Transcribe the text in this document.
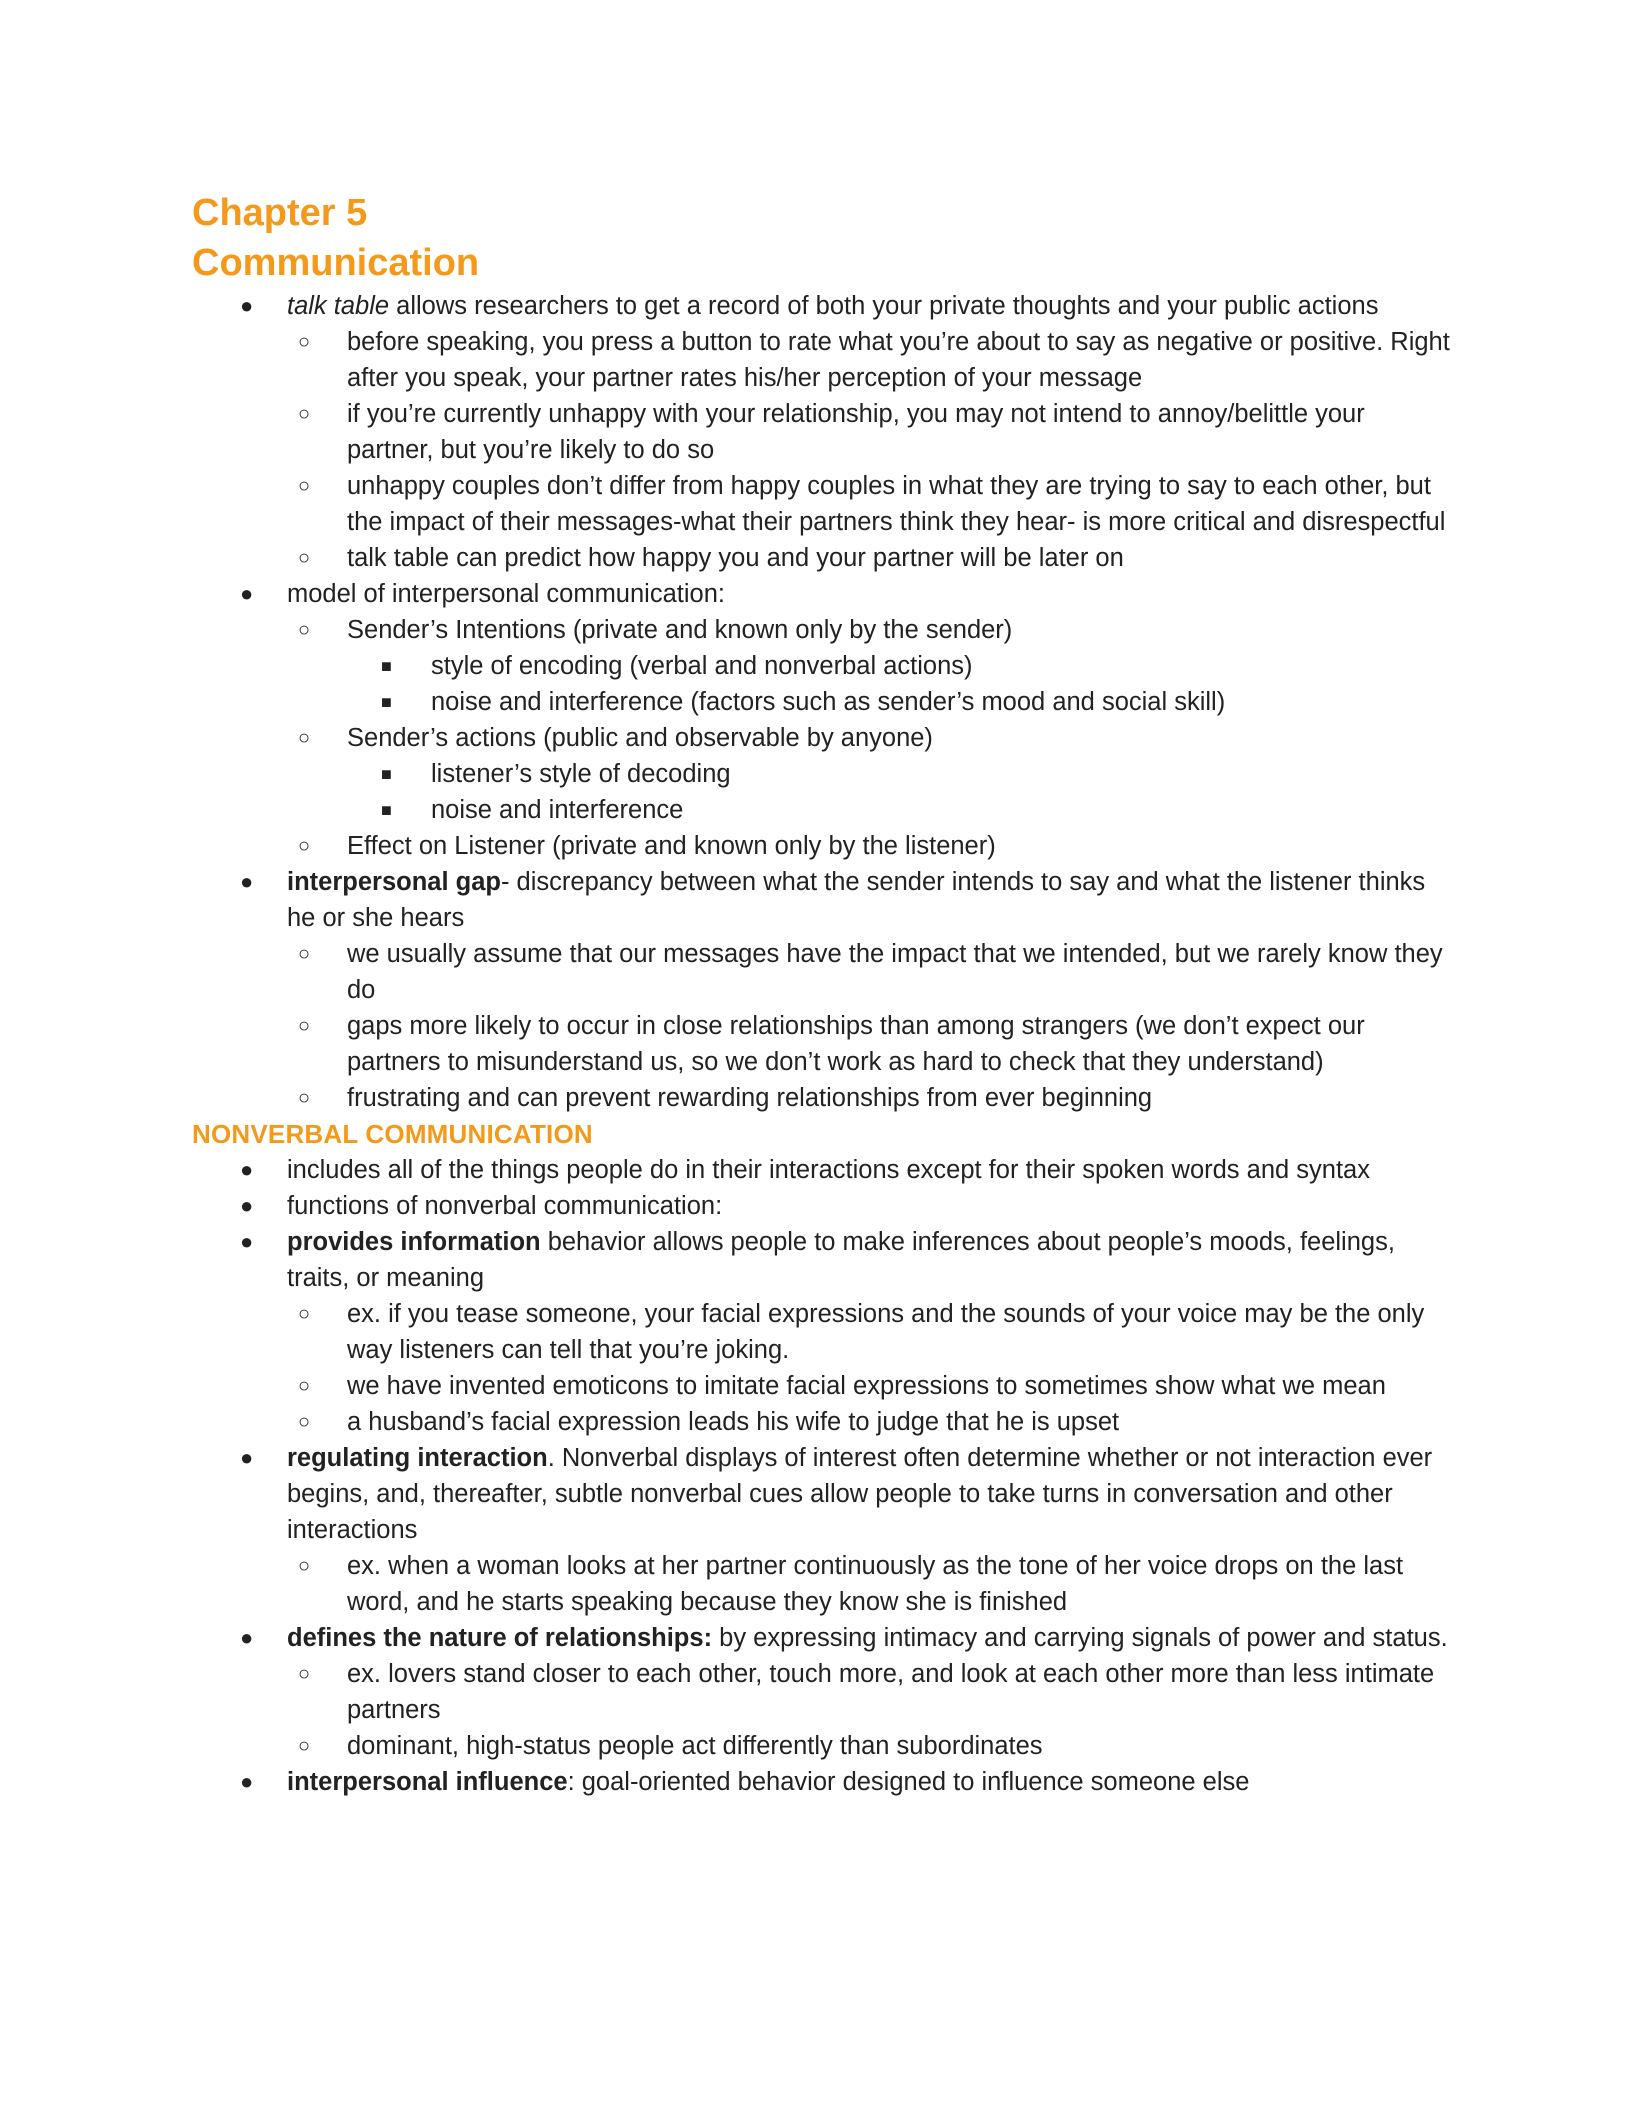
Chapter 5
Communication
● talk table allows researchers to get a record of both your private thoughts and your public actions
○ before speaking, you press a button to rate what you’re about to say as negative or positive. Right after you speak, your partner rates his/her perception of your message
○ if you’re currently unhappy with your relationship, you may not intend to annoy/belittle your partner, but you’re likely to do so
○ unhappy couples don’t differ from happy couples in what they are trying to say to each other, but the impact of their messages-what their partners think they hear- is more critical and disrespectful
○ talk table can predict how happy you and your partner will be later on
● model of interpersonal communication:
○ Sender’s Intentions (private and known only by the sender)
■ style of encoding (verbal and nonverbal actions)
■ noise and interference (factors such as sender’s mood and social skill)
○ Sender’s actions (public and observable by anyone)
■ listener’s style of decoding
■ noise and interference
○ Effect on Listener (private and known only by the listener)
● interpersonal gap- discrepancy between what the sender intends to say and what the listener thinks he or she hears
○ we usually assume that our messages have the impact that we intended, but we rarely know they do
○ gaps more likely to occur in close relationships than among strangers (we don’t expect our partners to misunderstand us, so we don’t work as hard to check that they understand)
○ frustrating and can prevent rewarding relationships from ever beginning
NONVERBAL COMMUNICATION
● includes all of the things people do in their interactions except for their spoken words and syntax
● functions of nonverbal communication:
● provides information behavior allows people to make inferences about people’s moods, feelings, traits, or meaning
○ ex. if you tease someone, your facial expressions and the sounds of your voice may be the only way listeners can tell that you’re joking.
○ we have invented emoticons to imitate facial expressions to sometimes show what we mean
○ a husband’s facial expression leads his wife to judge that he is upset
● regulating interaction. Nonverbal displays of interest often determine whether or not interaction ever begins, and, thereafter, subtle nonverbal cues allow people to take turns in conversation and other interactions
○ ex. when a woman looks at her partner continuously as the tone of her voice drops on the last word, and he starts speaking because they know she is finished
● defines the nature of relationships: by expressing intimacy and carrying signals of power and status.
○ ex. lovers stand closer to each other, touch more, and look at each other more than less intimate partners
○ dominant, high-status people act differently than subordinates
● interpersonal influence: goal-oriented behavior designed to influence someone else
